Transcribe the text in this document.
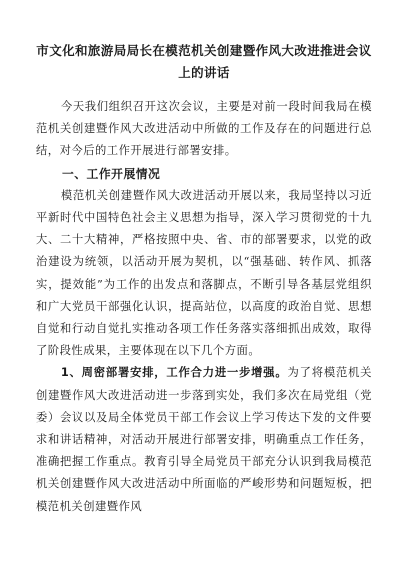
市文化和旅游局局长在模范机关创建暨作风大改进推进会议上的讲话

今天我们组织召开这次会议，主要是对前一段时间我局在模范机关创建暨作风大改进活动中所做的工作及存在的问题进行总结，对今后的工作开展进行部署安排。

一、工作开展情况

模范机关创建暨作风大改进活动开展以来，我局坚持以习近平新时代中国特色社会主义思想为指导，深入学习贯彻党的十九大、二十大精神，严格按照中央、省、市的部署要求，以党的政治建设为统领，以活动开展为契机，以“强基础、转作风、抓落实，提效能”为工作的出发点和落脚点，不断引导各基层党组织和广大党员干部强化认识，提高站位，以高度的政治自觉、思想自觉和行动自觉扎实推动各项工作任务落实落细抓出成效，取得了阶段性成果，主要体现在以下几个方面。

1、周密部署安排，工作合力进一步增强。为了将模范机关创建暨作风大改进活动进一步落到实处，我们多次在局党组（党委）会议以及局全体党员干部工作会议上学习传达下发的文件要求和讲话精神，对活动开展进行部署安排，明确重点工作任务，准确把握工作重点。教育引导全局党员干部充分认识到我局模范机关创建暨作风大改进活动中所面临的严峻形势和问题短板，把模范机关创建暨作风
